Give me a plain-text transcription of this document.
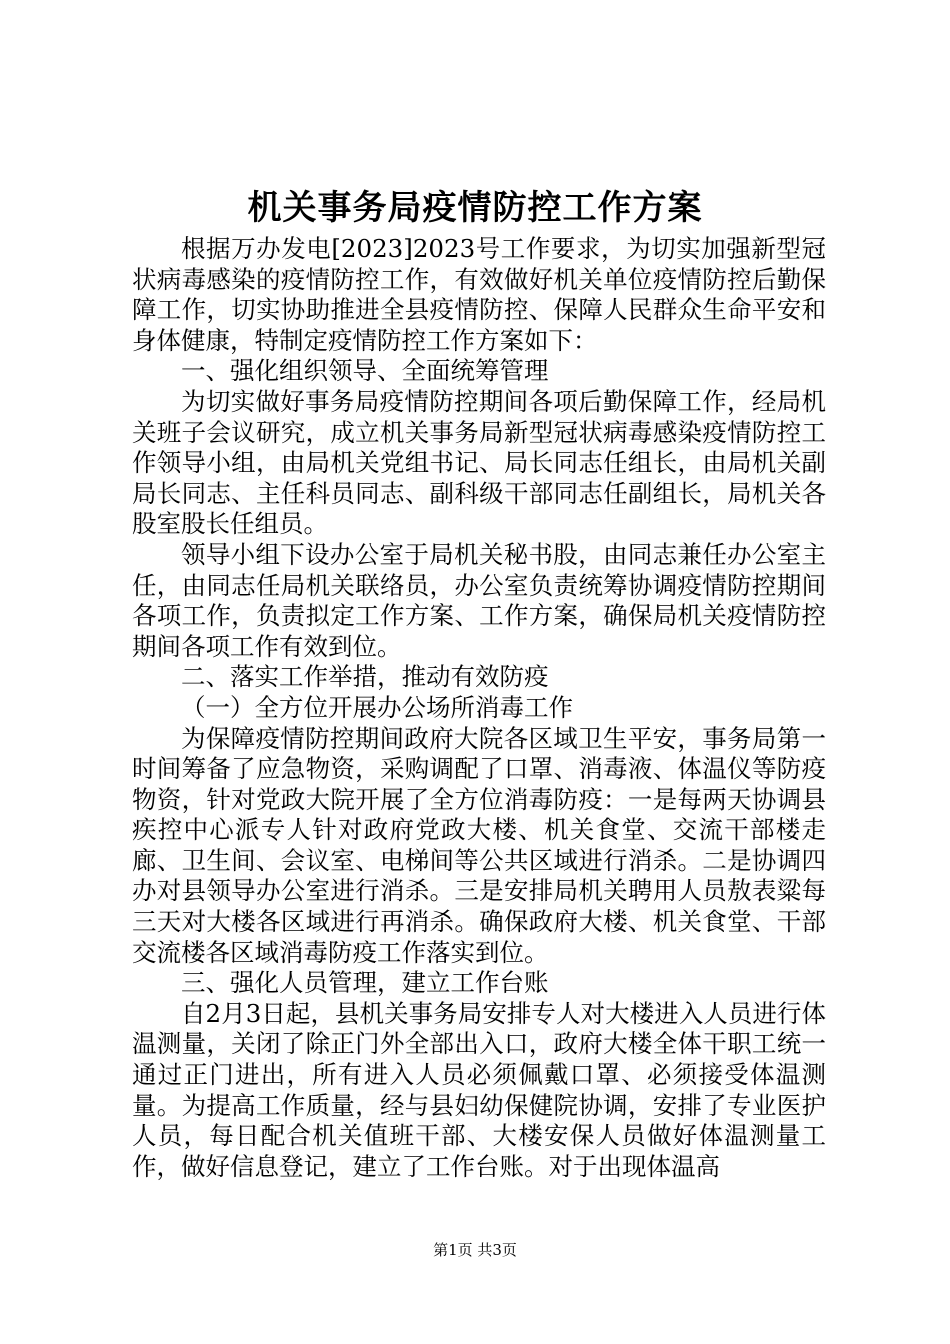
机关事务局疫情防控工作方案

根据万办发电[2023]2023号工作要求，为切实加强新型冠状病毒感染的疫情防控工作，有效做好机关单位疫情防控后勤保障工作，切实协助推进全县疫情防控、保障人民群众生命平安和身体健康，特制定疫情防控工作方案如下：

一、强化组织领导、全面统筹管理

为切实做好事务局疫情防控期间各项后勤保障工作，经局机关班子会议研究，成立机关事务局新型冠状病毒感染疫情防控工作领导小组，由局机关党组书记、局长同志任组长，由局机关副局长同志、主任科员同志、副科级干部同志任副组长，局机关各股室股长任组员。

领导小组下设办公室于局机关秘书股，由同志兼任办公室主任，由同志任局机关联络员，办公室负责统筹协调疫情防控期间各项工作，负责拟定工作方案、工作方案，确保局机关疫情防控期间各项工作有效到位。

二、落实工作举措，推动有效防疫

（一）全方位开展办公场所消毒工作

为保障疫情防控期间政府大院各区域卫生平安，事务局第一时间筹备了应急物资，采购调配了口罩、消毒液、体温仪等防疫物资，针对党政大院开展了全方位消毒防疫：一是每两天协调县疾控中心派专人针对政府党政大楼、机关食堂、交流干部楼走廊、卫生间、会议室、电梯间等公共区域进行消杀。二是协调四办对县领导办公室进行消杀。三是安排局机关聘用人员敖表粱每三天对大楼各区域进行再消杀。确保政府大楼、机关食堂、干部交流楼各区域消毒防疫工作落实到位。

三、强化人员管理，建立工作台账

自2月3日起，县机关事务局安排专人对大楼进入人员进行体温测量，关闭了除正门外全部出入口，政府大楼全体干职工统一通过正门进出，所有进入人员必须佩戴口罩、必须接受体温测量。为提高工作质量，经与县妇幼保健院协调，安排了专业医护人员，每日配合机关值班干部、大楼安保人员做好体温测量工作，做好信息登记，建立了工作台账。对于出现体温高

第1页 共3页
